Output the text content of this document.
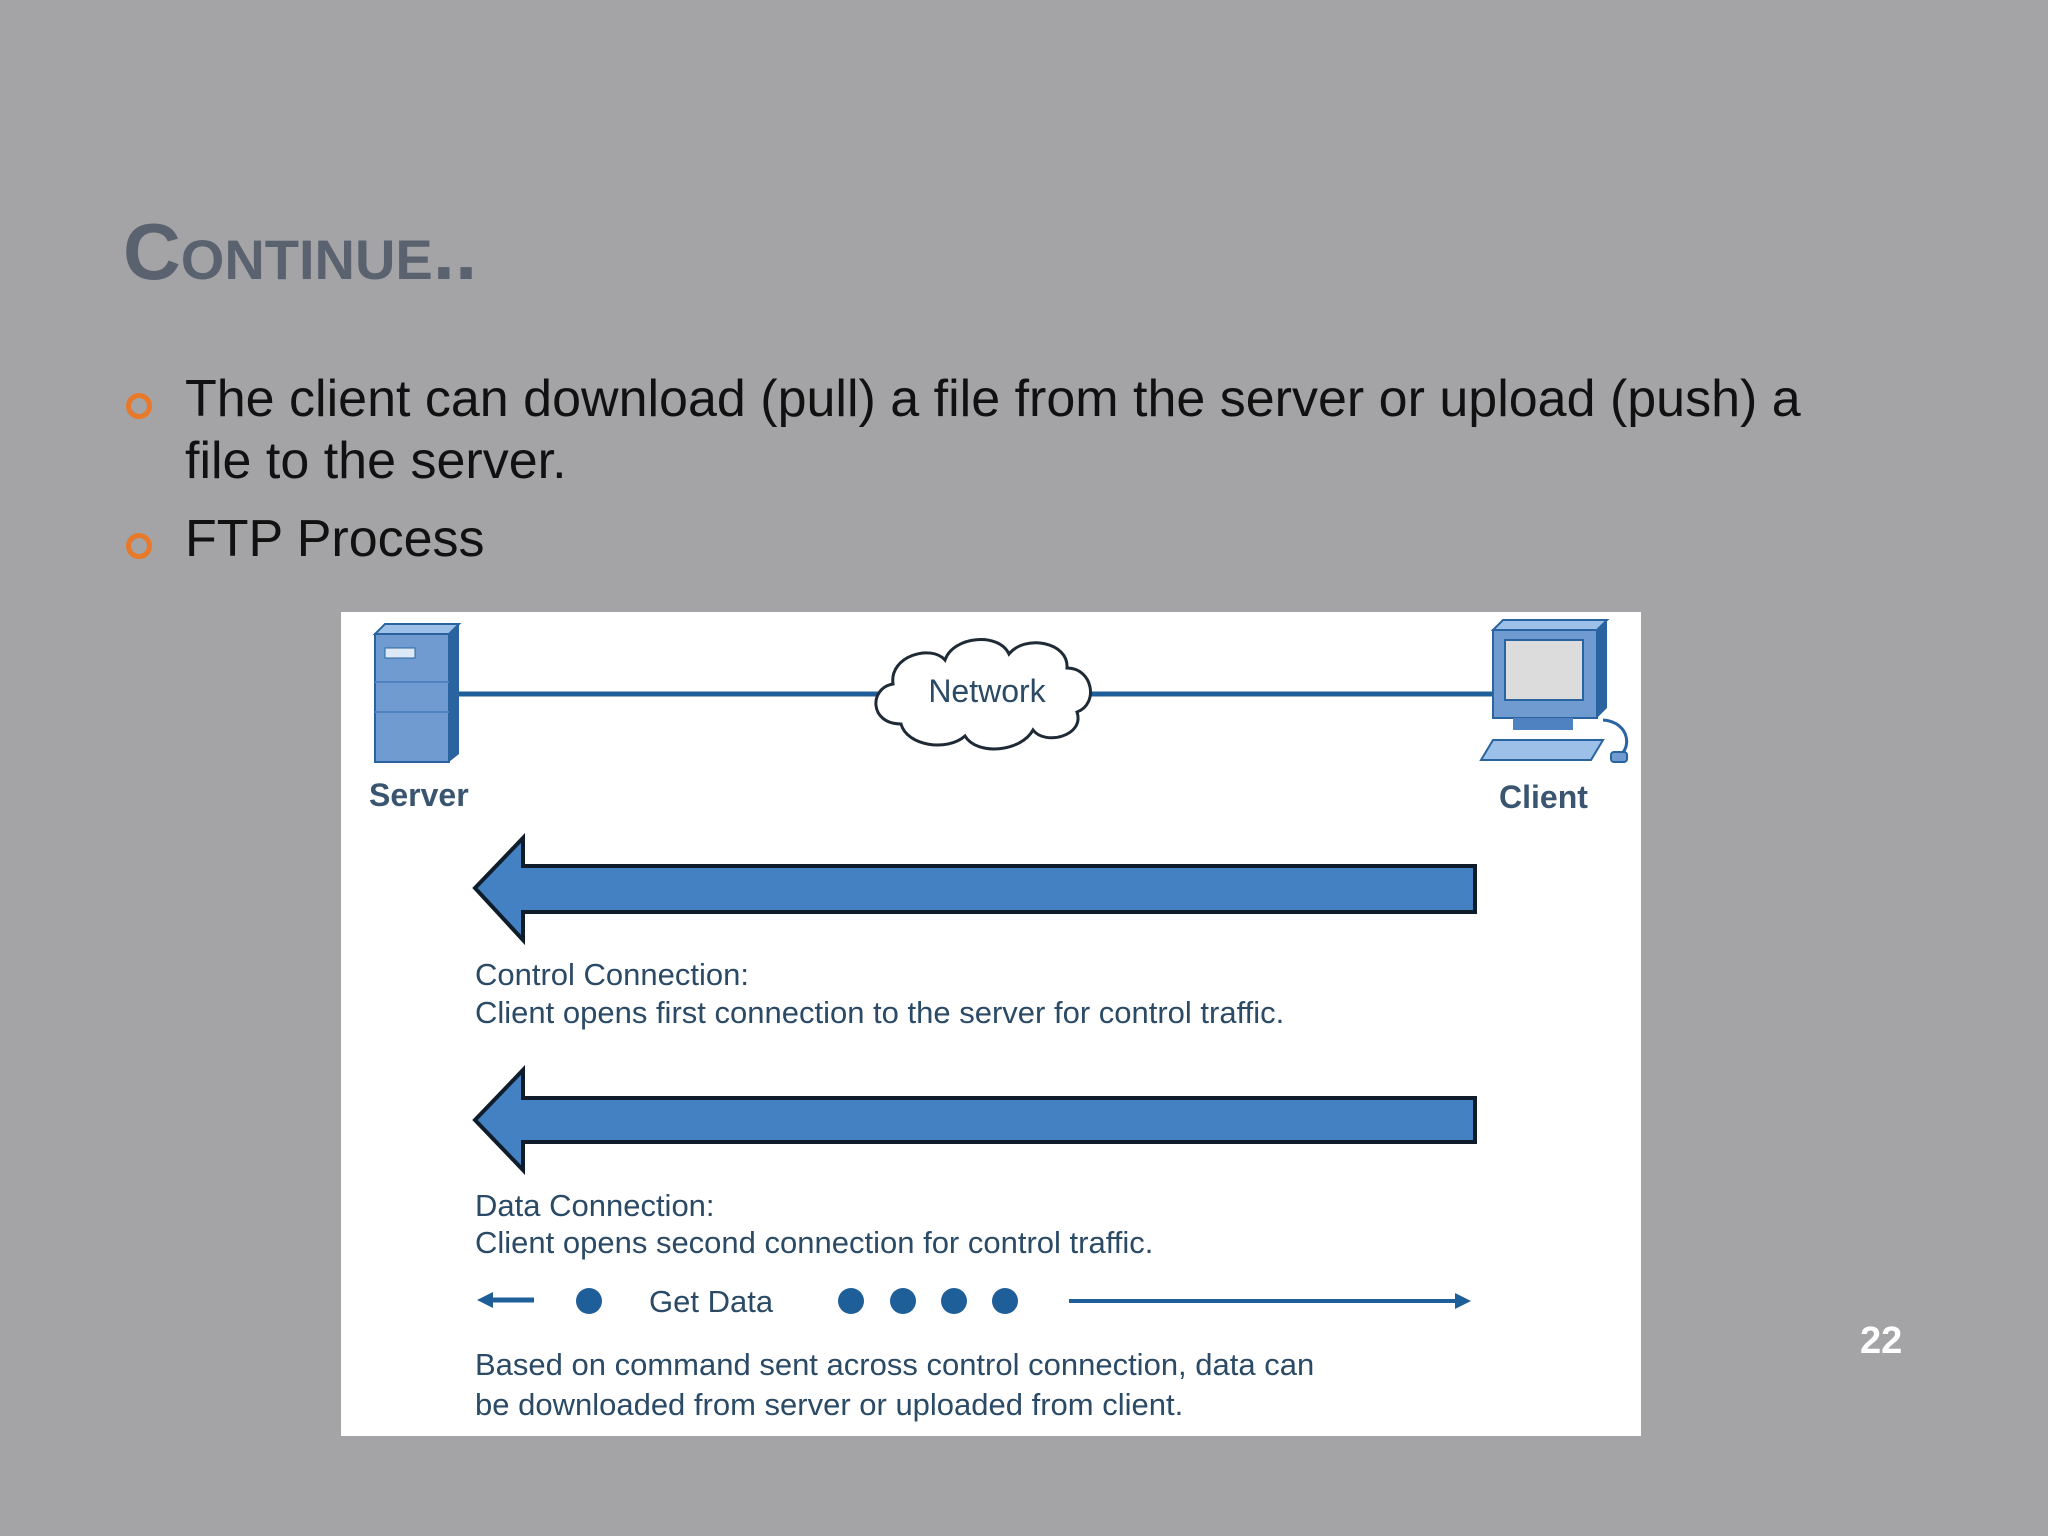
Continue..
The client can download (pull) a file from the server or upload (push) a file to the server.
FTP Process
Network
Server	Client
Control Connection:
Client opens first connection to the server for control traffic.
Data Connection:
Client opens second connection for control traffic.
Get Data
Based on command sent across control connection, data can
be downloaded from server or uploaded from client.
22
